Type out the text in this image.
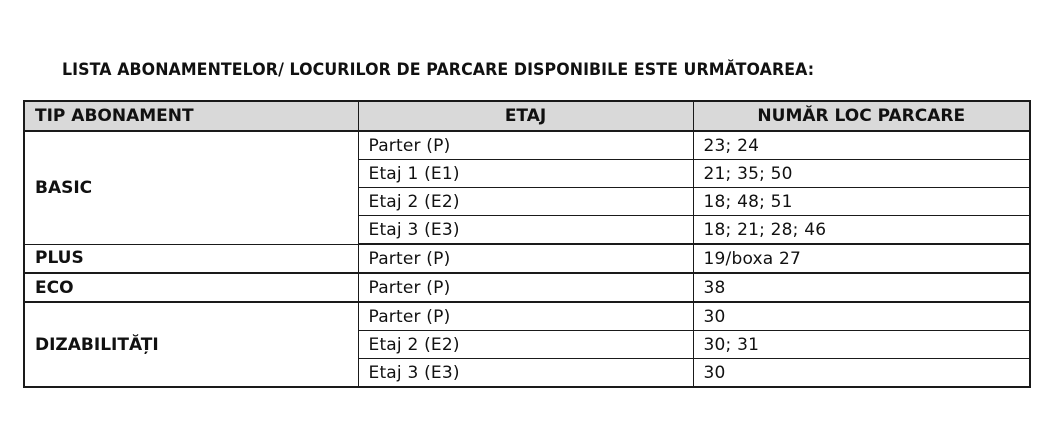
LISTA ABONAMENTELOR/ LOCURILOR DE PARCARE DISPONIBILE ESTE URMĂTOAREA:
TIP ABONAMENT	ETAJ	NUMĂR LOC PARCARE
BASIC	Parter (P)	23; 24
	Etaj 1 (E1)	21; 35; 50
	Etaj 2 (E2)	18; 48; 51
	Etaj 3 (E3)	18; 21; 28; 46
PLUS	Parter (P)	19/boxa 27
ECO	Parter (P)	38
DIZABILITĂȚI	Parter (P)	30
	Etaj 2 (E2)	30; 31
	Etaj 3 (E3)	30
